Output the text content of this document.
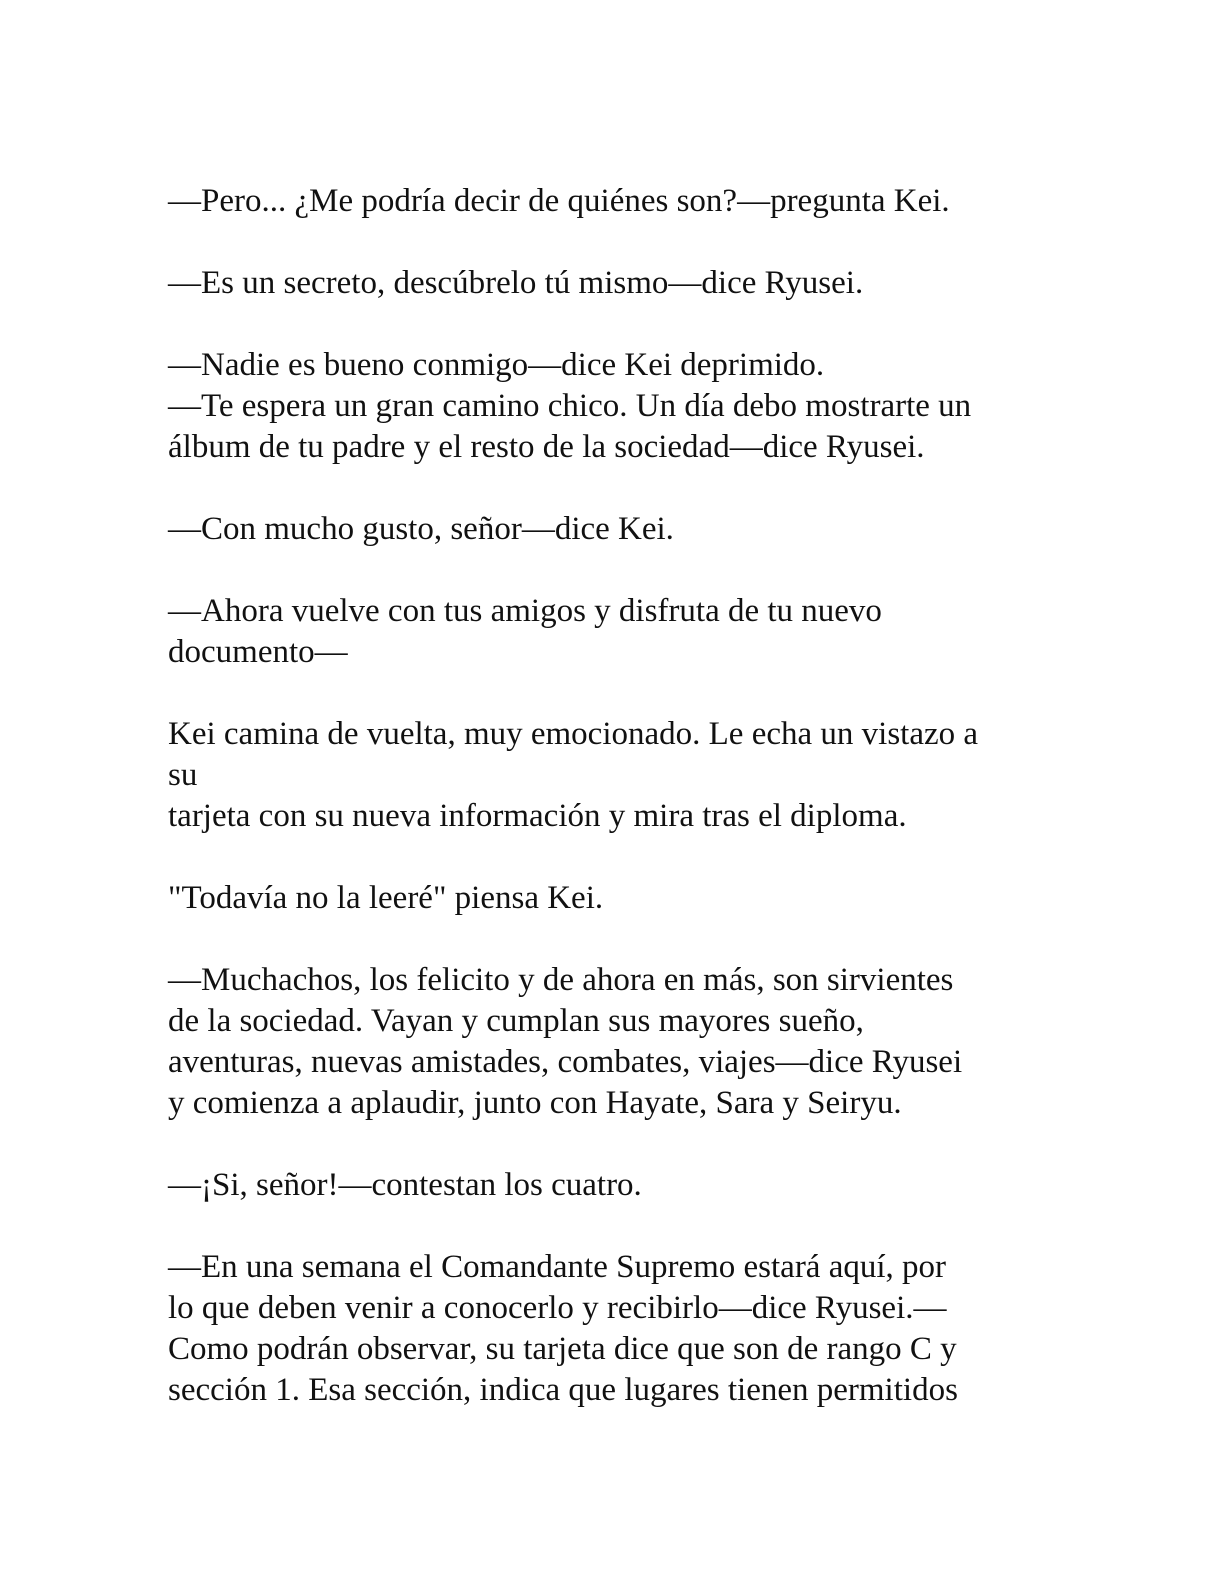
—Pero... ¿Me podría decir de quiénes son?—pregunta Kei.
—Es un secreto, descúbrelo tú mismo—dice Ryusei.
—Nadie es bueno conmigo—dice Kei deprimido.
—Te espera un gran camino chico. Un día debo mostrarte un
álbum de tu padre y el resto de la sociedad—dice Ryusei.
—Con mucho gusto, señor—dice Kei.
—Ahora vuelve con tus amigos y disfruta de tu nuevo
documento—
Kei camina de vuelta, muy emocionado. Le echa un vistazo a
su
tarjeta con su nueva información y mira tras el diploma.
"Todavía no la leeré" piensa Kei.
—Muchachos, los felicito y de ahora en más, son sirvientes
de la sociedad. Vayan y cumplan sus mayores sueño,
aventuras, nuevas amistades, combates, viajes—dice Ryusei
y comienza a aplaudir, junto con Hayate, Sara y Seiryu.
—¡Si, señor!—contestan los cuatro.
—En una semana el Comandante Supremo estará aquí, por
lo que deben venir a conocerlo y recibirlo—dice Ryusei.—
Como podrán observar, su tarjeta dice que son de rango C y
sección 1. Esa sección, indica que lugares tienen permitidos
